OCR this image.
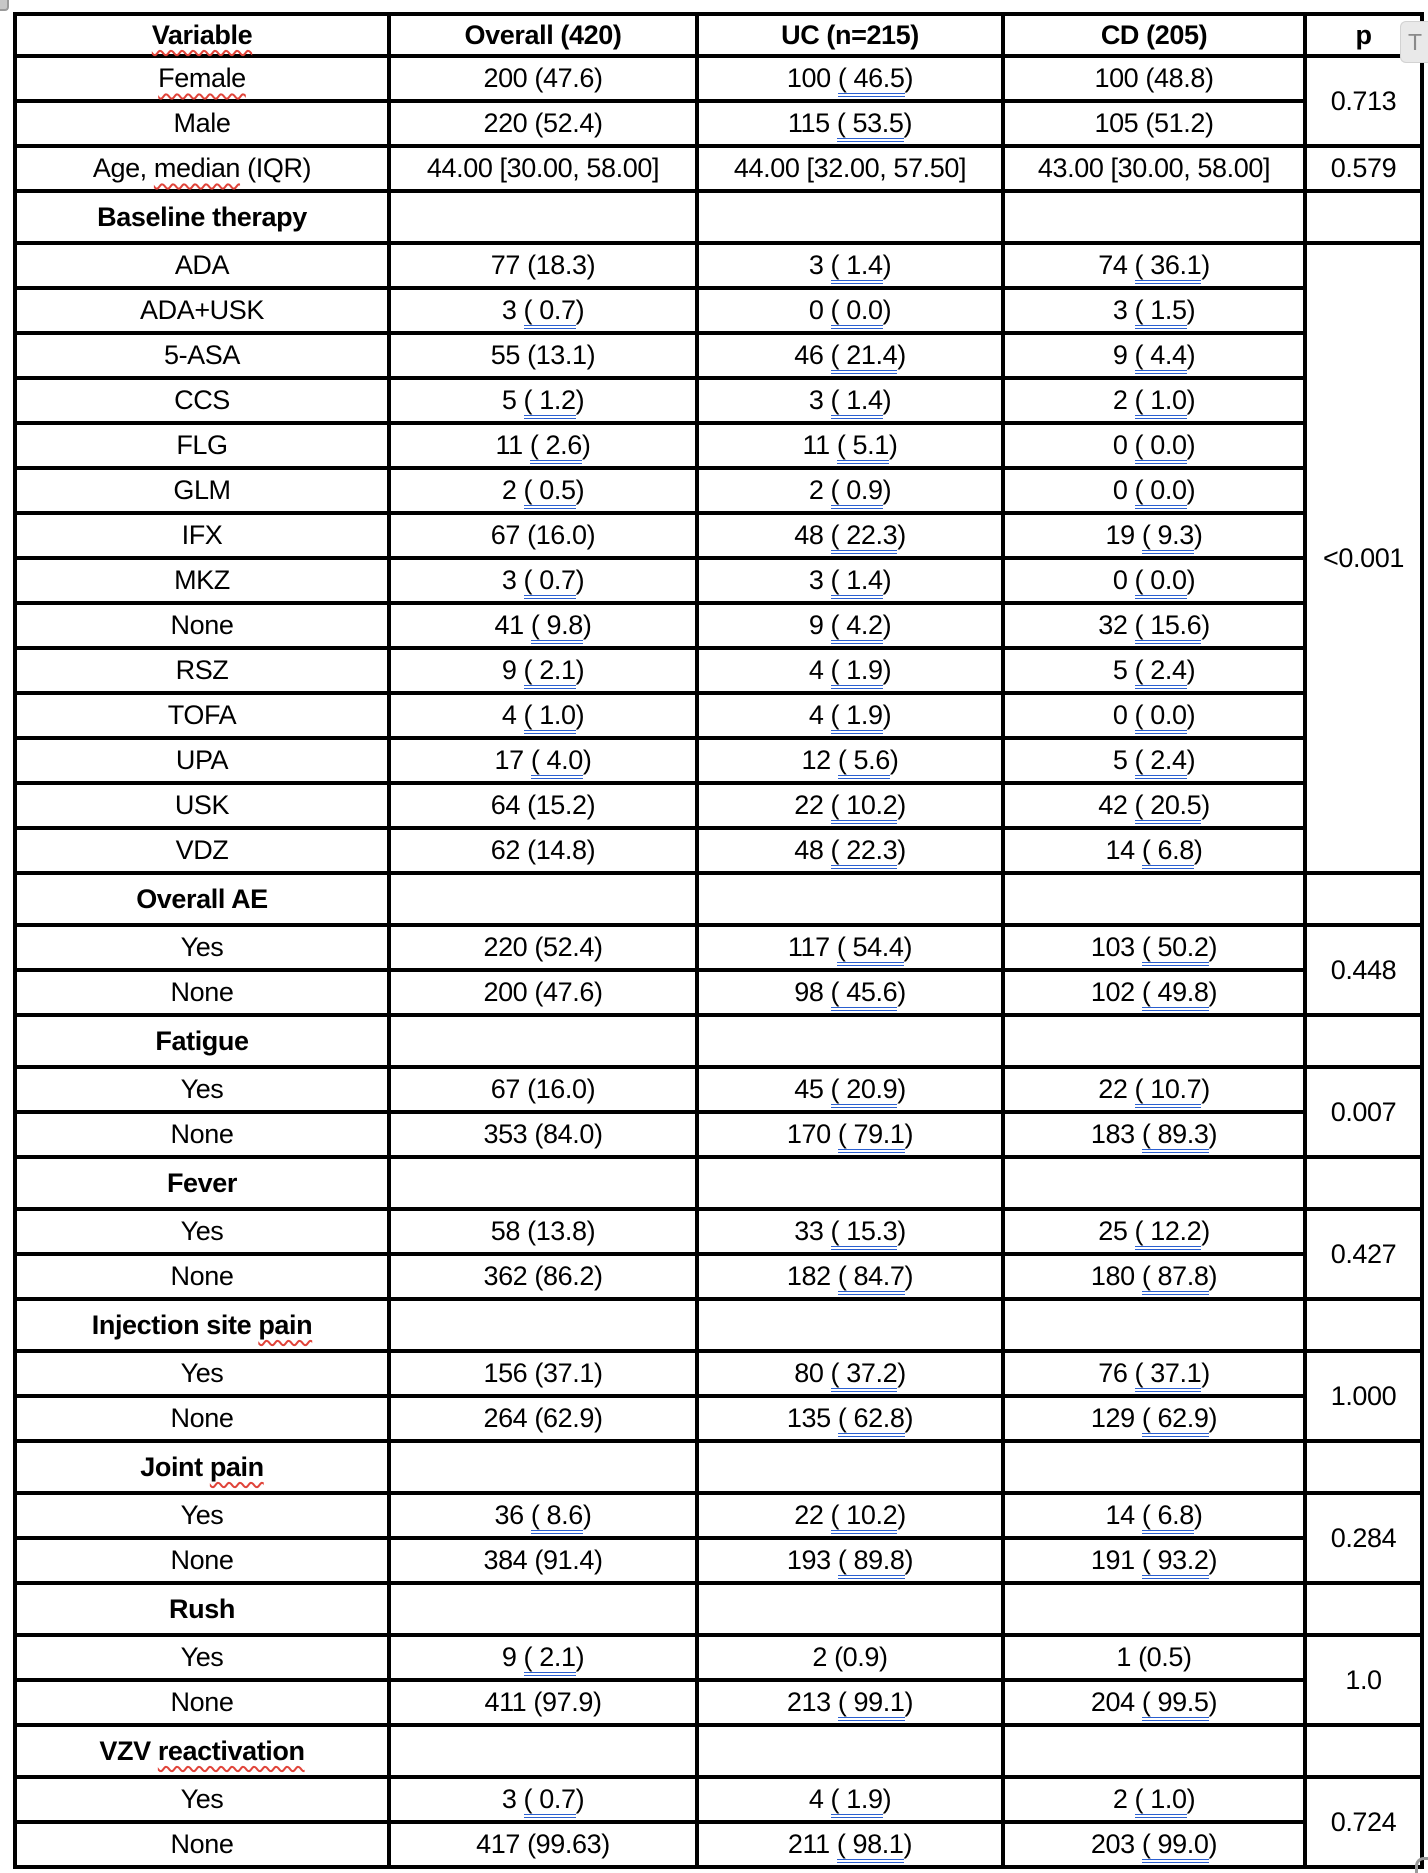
Variable	Overall (420)	UC (n=215)	CD (205)	p
Female	200 (47.6)	100 ( 46.5)	100 (48.8)	0.713
Male	220 (52.4)	115 ( 53.5)	105 (51.2)	
Age, median (IQR)	44.00 [30.00, 58.00]	44.00 [32.00, 57.50]	43.00 [30.00, 58.00]	0.579
Baseline therapy				
ADA	77 (18.3)	3 ( 1.4)	74 ( 36.1)	<0.001
ADA+USK	3 ( 0.7)	0 ( 0.0)	3 ( 1.5)	
5-ASA	55 (13.1)	46 ( 21.4)	9 ( 4.4)	
CCS	5 ( 1.2)	3 ( 1.4)	2 ( 1.0)	
FLG	11 ( 2.6)	11 ( 5.1)	0 ( 0.0)	
GLM	2 ( 0.5)	2 ( 0.9)	0 ( 0.0)	
IFX	67 (16.0)	48 ( 22.3)	19 ( 9.3)	
MKZ	3 ( 0.7)	3 ( 1.4)	0 ( 0.0)	
None	41 ( 9.8)	9 ( 4.2)	32 ( 15.6)	
RSZ	9 ( 2.1)	4 ( 1.9)	5 ( 2.4)	
TOFA	4 ( 1.0)	4 ( 1.9)	0 ( 0.0)	
UPA	17 ( 4.0)	12 ( 5.6)	5 ( 2.4)	
USK	64 (15.2)	22 ( 10.2)	42 ( 20.5)	
VDZ	62 (14.8)	48 ( 22.3)	14 ( 6.8)	
Overall AE				
Yes	220 (52.4)	117 ( 54.4)	103 ( 50.2)	0.448
None	200 (47.6)	98 ( 45.6)	102 ( 49.8)	
Fatigue				
Yes	67 (16.0)	45 ( 20.9)	22 ( 10.7)	0.007
None	353 (84.0)	170 ( 79.1)	183 ( 89.3)	
Fever				
Yes	58 (13.8)	33 ( 15.3)	25 ( 12.2)	0.427
None	362 (86.2)	182 ( 84.7)	180 ( 87.8)	
Injection site pain				
Yes	156 (37.1)	80 ( 37.2)	76 ( 37.1)	1.000
None	264 (62.9)	135 ( 62.8)	129 ( 62.9)	
Joint pain				
Yes	36 ( 8.6)	22 ( 10.2)	14 ( 6.8)	0.284
None	384 (91.4)	193 ( 89.8)	191 ( 93.2)	
Rush				
Yes	9 ( 2.1)	2 (0.9)	1 (0.5)	1.0
None	411 (97.9)	213 ( 99.1)	204 ( 99.5)	
VZV reactivation				
Yes	3 ( 0.7)	4 ( 1.9)	2 ( 1.0)	0.724
None	417 (99.63)	211 ( 98.1)	203 ( 99.0)	
T
